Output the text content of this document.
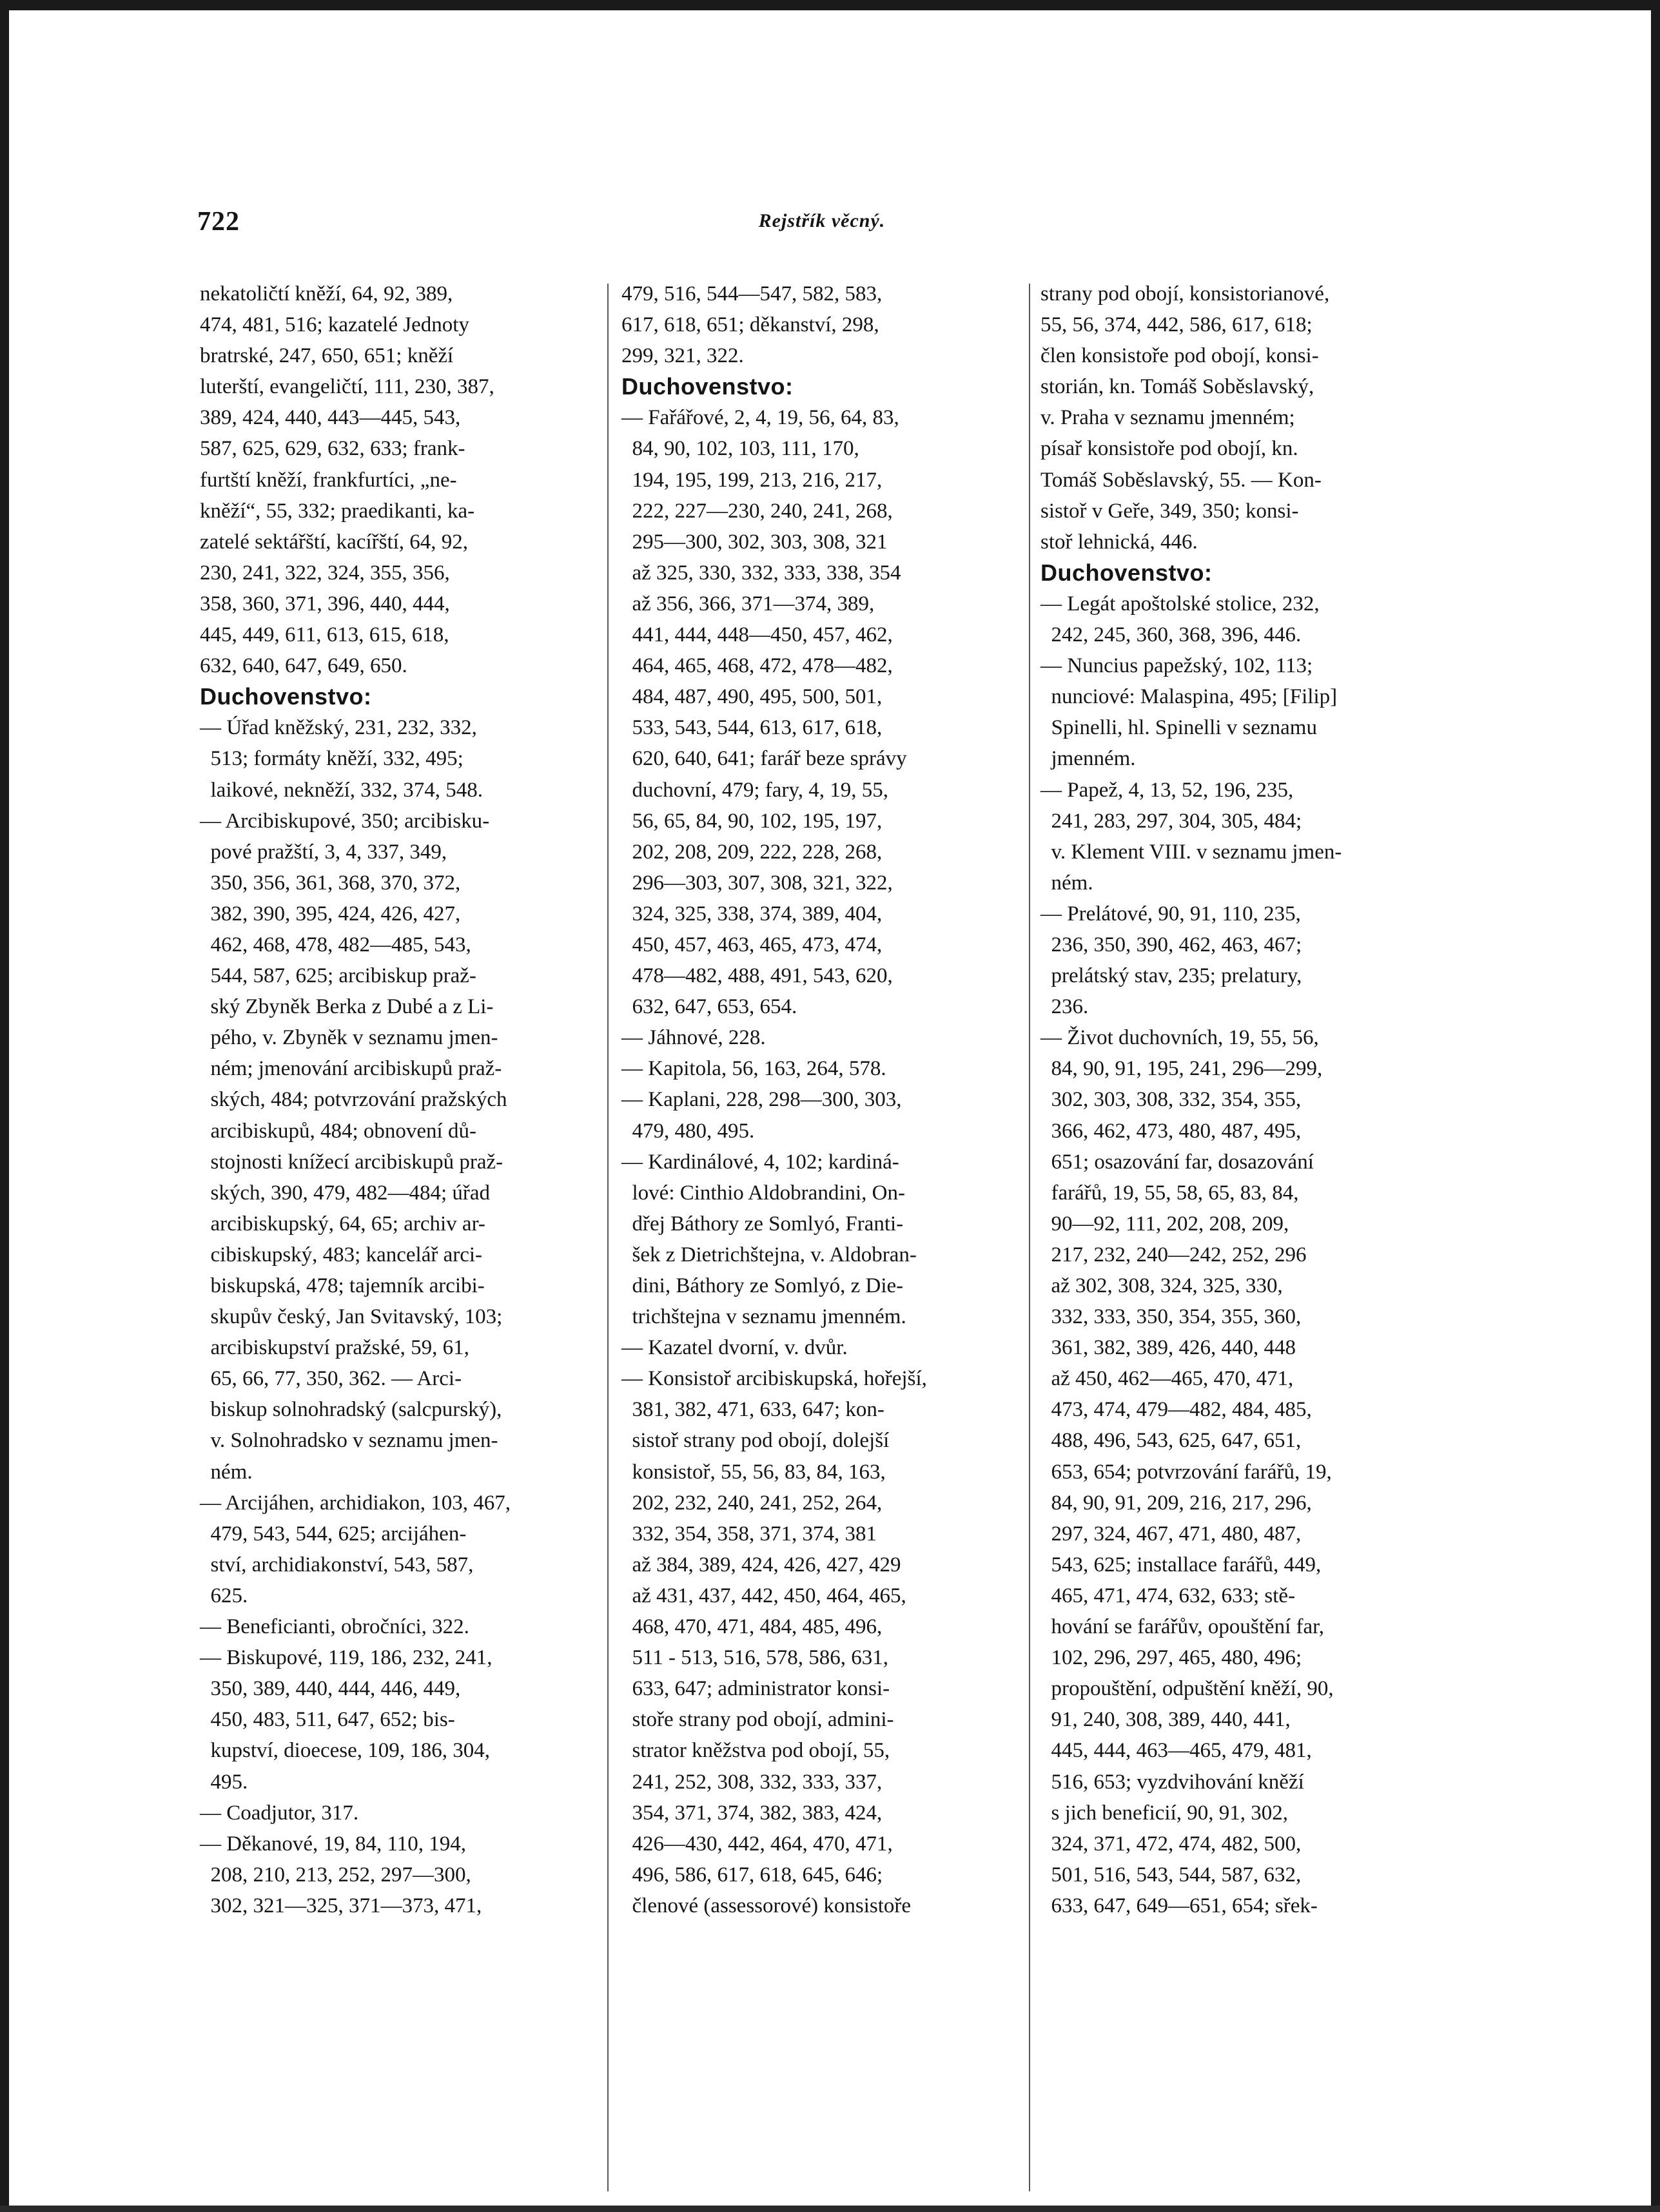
722	Rejstřík věcný.
nekatoličtí kněží, 64, 92, 389,
474, 481, 516; kazatelé Jednoty
bratrské, 247, 650, 651; kněží
luterští, evangeličtí, 111, 230, 387,
389, 424, 440, 443—445, 543,
587, 625, 629, 632, 633; frank-
furtští kněží, frankfurtíci, „ne-
kněží“, 55, 332; praedikanti, ka-
zatelé sektářští, kacířští, 64, 92,
230, 241, 322, 324, 355, 356,
358, 360, 371, 396, 440, 444,
445, 449, 611, 613, 615, 618,
632, 640, 647, 649, 650.
Duchovenstvo:
— Úřad kněžský, 231, 232, 332,
513; formáty kněží, 332, 495;
laikové, nekněží, 332, 374, 548.
— Arcibiskupové, 350; arcibisku-
pové pražští, 3, 4, 337, 349,
350, 356, 361, 368, 370, 372,
382, 390, 395, 424, 426, 427,
462, 468, 478, 482—485, 543,
544, 587, 625; arcibiskup praž-
ský Zbyněk Berka z Dubé a z Li-
pého, v. Zbyněk v seznamu jmen-
ném; jmenování arcibiskupů praž-
ských, 484; potvrzování pražských
arcibiskupů, 484; obnovení dů-
stojnosti knížecí arcibiskupů praž-
ských, 390, 479, 482—484; úřad
arcibiskupský, 64, 65; archiv ar-
cibiskupský, 483; kancelář arci-
biskupská, 478; tajemník arcibi-
skupův český, Jan Svitavský, 103;
arcibiskupství pražské, 59, 61,
65, 66, 77, 350, 362. — Arci-
biskup solnohradský (salcpurský),
v. Solnohradsko v seznamu jmen-
ném.
— Arcijáhen, archidiakon, 103, 467,
479, 543, 544, 625; arcijáhen-
ství, archidiakonství, 543, 587,
625.
— Beneficianti, obročníci, 322.
— Biskupové, 119, 186, 232, 241,
350, 389, 440, 444, 446, 449,
450, 483, 511, 647, 652; bis-
kupství, dioecese, 109, 186, 304,
495.
— Coadjutor, 317.
— Děkanové, 19, 84, 110, 194,
208, 210, 213, 252, 297—300,
302, 321—325, 371—373, 471,
479, 516, 544—547, 582, 583,
617, 618, 651; děkanství, 298,
299, 321, 322.
Duchovenstvo:
— Fařářové, 2, 4, 19, 56, 64, 83,
84, 90, 102, 103, 111, 170,
194, 195, 199, 213, 216, 217,
222, 227—230, 240, 241, 268,
295—300, 302, 303, 308, 321
až 325, 330, 332, 333, 338, 354
až 356, 366, 371—374, 389,
441, 444, 448—450, 457, 462,
464, 465, 468, 472, 478—482,
484, 487, 490, 495, 500, 501,
533, 543, 544, 613, 617, 618,
620, 640, 641; farář beze správy
duchovní, 479; fary, 4, 19, 55,
56, 65, 84, 90, 102, 195, 197,
202, 208, 209, 222, 228, 268,
296—303, 307, 308, 321, 322,
324, 325, 338, 374, 389, 404,
450, 457, 463, 465, 473, 474,
478—482, 488, 491, 543, 620,
632, 647, 653, 654.
— Jáhnové, 228.
— Kapitola, 56, 163, 264, 578.
— Kaplani, 228, 298—300, 303,
479, 480, 495.
— Kardinálové, 4, 102; kardiná-
lové: Cinthio Aldobrandini, On-
dřej Báthory ze Somlyó, Franti-
šek z Dietrichštejna, v. Aldobran-
dini, Báthory ze Somlyó, z Die-
trichštejna v seznamu jmenném.
— Kazatel dvorní, v. dvůr.
— Konsistoř arcibiskupská, hořejší,
381, 382, 471, 633, 647; kon-
sistoř strany pod obojí, dolejší
konsistoř, 55, 56, 83, 84, 163,
202, 232, 240, 241, 252, 264,
332, 354, 358, 371, 374, 381
až 384, 389, 424, 426, 427, 429
až 431, 437, 442, 450, 464, 465,
468, 470, 471, 484, 485, 496,
511 - 513, 516, 578, 586, 631,
633, 647; administrator konsi-
stoře strany pod obojí, admini-
strator kněžstva pod obojí, 55,
241, 252, 308, 332, 333, 337,
354, 371, 374, 382, 383, 424,
426—430, 442, 464, 470, 471,
496, 586, 617, 618, 645, 646;
členové (assessorové) konsistoře
strany pod obojí, konsistorianové,
55, 56, 374, 442, 586, 617, 618;
člen konsistoře pod obojí, konsi-
storián, kn. Tomáš Soběslavský,
v. Praha v seznamu jmenném;
písař konsistoře pod obojí, kn.
Tomáš Soběslavský, 55. — Kon-
sistoř v Geře, 349, 350; konsi-
stoř lehnická, 446.
Duchovenstvo:
— Legát apoštolské stolice, 232,
242, 245, 360, 368, 396, 446.
— Nuncius papežský, 102, 113;
nunciové: Malaspina, 495; [Filip]
Spinelli, hl. Spinelli v seznamu
jmenném.
— Papež, 4, 13, 52, 196, 235,
241, 283, 297, 304, 305, 484;
v. Klement VIII. v seznamu jmen-
ném.
— Prelátové, 90, 91, 110, 235,
236, 350, 390, 462, 463, 467;
prelátský stav, 235; prelatury,
236.
— Život duchovních, 19, 55, 56,
84, 90, 91, 195, 241, 296—299,
302, 303, 308, 332, 354, 355,
366, 462, 473, 480, 487, 495,
651; osazování far, dosazování
farářů, 19, 55, 58, 65, 83, 84,
90—92, 111, 202, 208, 209,
217, 232, 240—242, 252, 296
až 302, 308, 324, 325, 330,
332, 333, 350, 354, 355, 360,
361, 382, 389, 426, 440, 448
až 450, 462—465, 470, 471,
473, 474, 479—482, 484, 485,
488, 496, 543, 625, 647, 651,
653, 654; potvrzování farářů, 19,
84, 90, 91, 209, 216, 217, 296,
297, 324, 467, 471, 480, 487,
543, 625; installace farářů, 449,
465, 471, 474, 632, 633; stě-
hování se farářův, opouštění far,
102, 296, 297, 465, 480, 496;
propouštění, odpuštění kněží, 90,
91, 240, 308, 389, 440, 441,
445, 444, 463—465, 479, 481,
516, 653; vyzdvihování kněží
s jich beneficií, 90, 91, 302,
324, 371, 472, 474, 482, 500,
501, 516, 543, 544, 587, 632,
633, 647, 649—651, 654; sřek-
